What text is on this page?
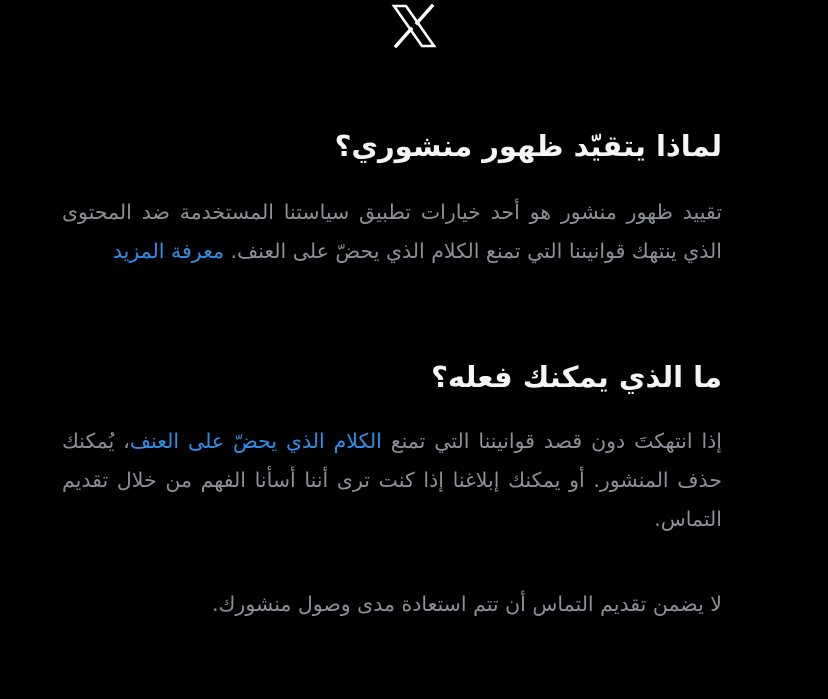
لماذا يتقيّد ظهور منشوري؟

تقييد ظهور منشور هو أحد خيارات تطبيق سياستنا المستخدمة ضد المحتوى الذي ينتهك قوانيننا التي تمنع الكلام الذي يحضّ على العنف. معرفة المزيد

ما الذي يمكنك فعله؟

إذا انتهكتَ دون قصد قوانيننا التي تمنع الكلام الذي يحضّ على العنف، يُمكنك حذف المنشور. أو يمكنك إبلاغنا إذا كنت ترى أننا أسأنا الفهم من خلال تقديم التماس.

لا يضمن تقديم التماس أن تتم استعادة مدى وصول منشورك.
